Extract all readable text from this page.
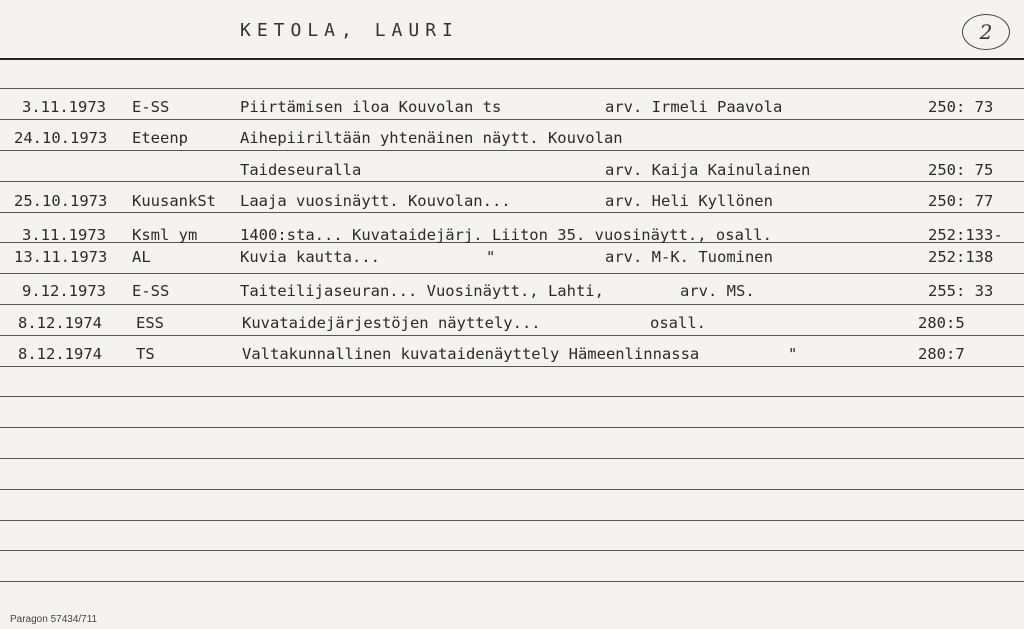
KETOLA, LAURI	2
3.11.1973 E-SS	Piirtämisen iloa Kouvolan ts	arv. Irmeli Paavola	250: 73
24.10.1973 Eteenp	Aihepiiriltään yhtenäinen näytt. Kouvolan
Taideseuralla	arv. Kaija Kainulainen	250: 75
25.10.1973 KuusankSt Laaja vuosinäytt. Kouvolan...	arv. Heli Kyllönen	250: 77
3.11.1973 Ksml ym	1400:sta... Kuvataidejärj. Liiton 35. vuosinäytt., osall.	252:133-
13.11.1973 AL	Kuvia kautta...	"	arv. M-K. Tuominen	252:138
9.12.1973 E-SS	Taiteilijaseuran... Vuosinäytt., Lahti,	arv. MS.	255: 33
8.12.1974 ESS	Kuvataidejärjestöjen näyttely...	osall.	280:5
8.12.1974 TS	Valtakunnallinen kuvataidenäyttely Hämeenlinnassa	"	280:7
Paragon 57434/711
